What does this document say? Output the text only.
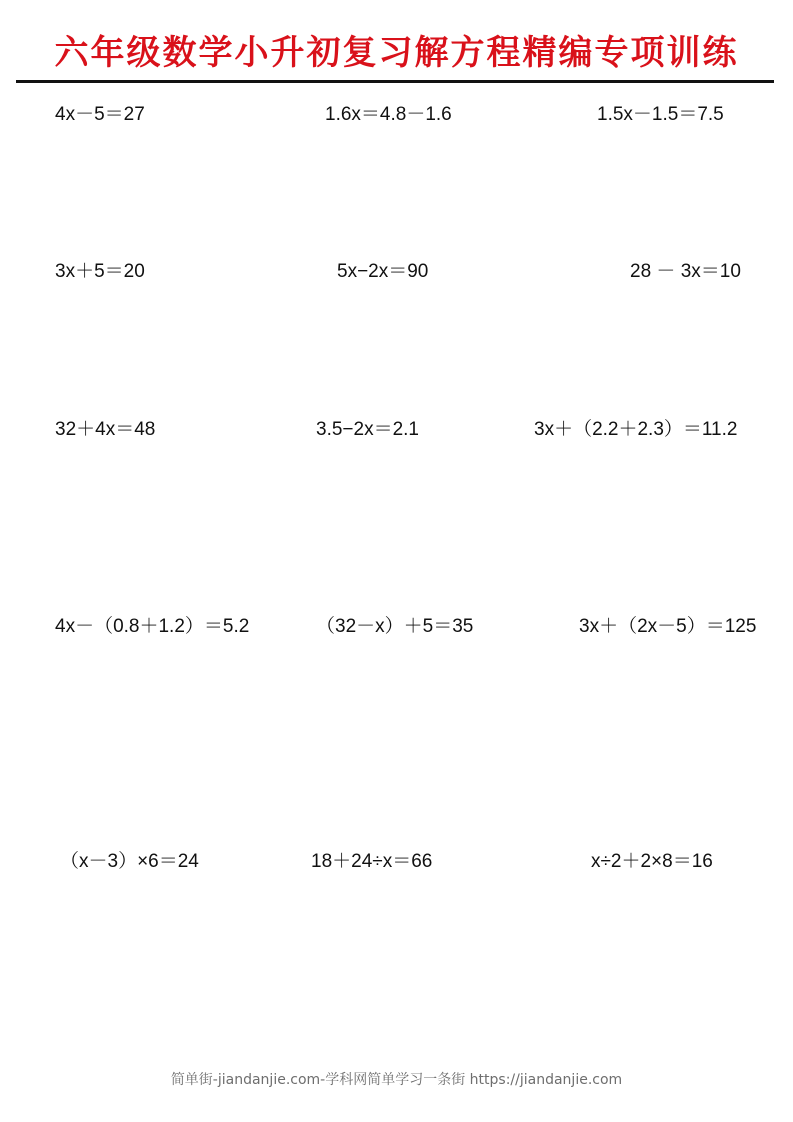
六年级数学小升初复习解方程精编专项训练
4x－5＝27	1.6x＝4.8－1.6	1.5x－1.5＝7.5
3x＋5＝20	5x−2x＝90	28 － 3x＝10
32＋4x＝48	3.5−2x＝2.1	3x＋（2.2＋2.3）＝11.2
4x－（0.8＋1.2）＝5.2	（32－x）＋5＝35	3x＋（2x－5）＝125
（x－3）×6＝24	18＋24÷x＝66	x÷2＋2×8＝16
简单街-jiandanjie.com-学科网简单学习一条街 https://jiandanjie.com
